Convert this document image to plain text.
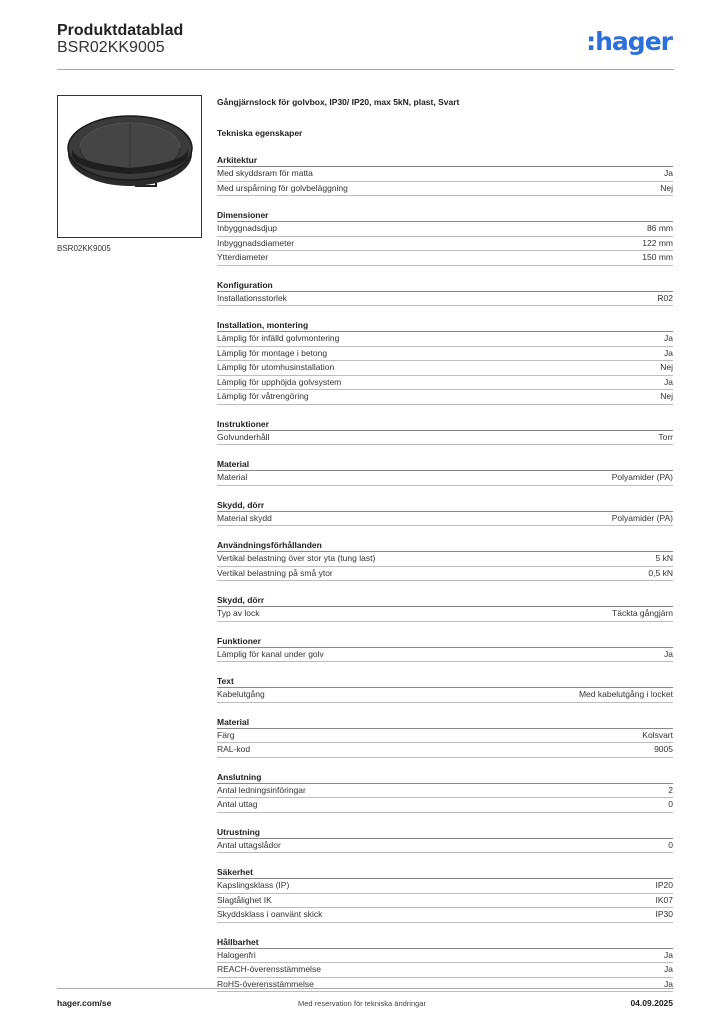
Produktdatablad
BSR02KK9005	:hager
BSR02KK9005
Gångjärnslock för golvbox, IP30/ IP20, max 5kN, plast, Svart
Tekniska egenskaper
Arkitektur
Med skyddsram för matta	Ja
Med urspårning för golvbeläggning	Nej
Dimensioner
Inbyggnadsdjup	86 mm
Inbyggnadsdiameter	122 mm
Ytterdiameter	150 mm
Konfiguration
Installationsstorlek	R02
Installation, montering
Lämplig för infälld golvmontering	Ja
Lämplig för montage i betong	Ja
Lämplig för utomhusinstallation	Nej
Lämplig för upphöjda golvsystem	Ja
Lämplig för våtrengöring	Nej
Instruktioner
Golvunderhåll	Torr
Material
Material	Polyamider (PA)
Skydd, dörr
Material skydd	Polyamider (PA)
Användningsförhållanden
Vertikal belastning över stor yta (tung last)	5 kN
Vertikal belastning på små ytor	0,5 kN
Skydd, dörr
Typ av lock	Täckta gångjärn
Funktioner
Lämplig för kanal under golv	Ja
Text
Kabelutgång	Med kabelutgång i locket
Material
Färg	Kolsvart
RAL-kod	9005
Anslutning
Antal ledningsinföringar	2
Antal uttag	0
Utrustning
Antal uttagslådor	0
Säkerhet
Kapslingsklass (IP)	IP20
Slagtålighet IK	IK07
Skyddsklass i oanvänt skick	IP30
Hållbarhet
Halogenfri	Ja
REACH-överensstämmelse	Ja
RoHS-överensstämmelse	Ja
hager.com/se	Med reservation för tekniska ändringar	04.09.2025
